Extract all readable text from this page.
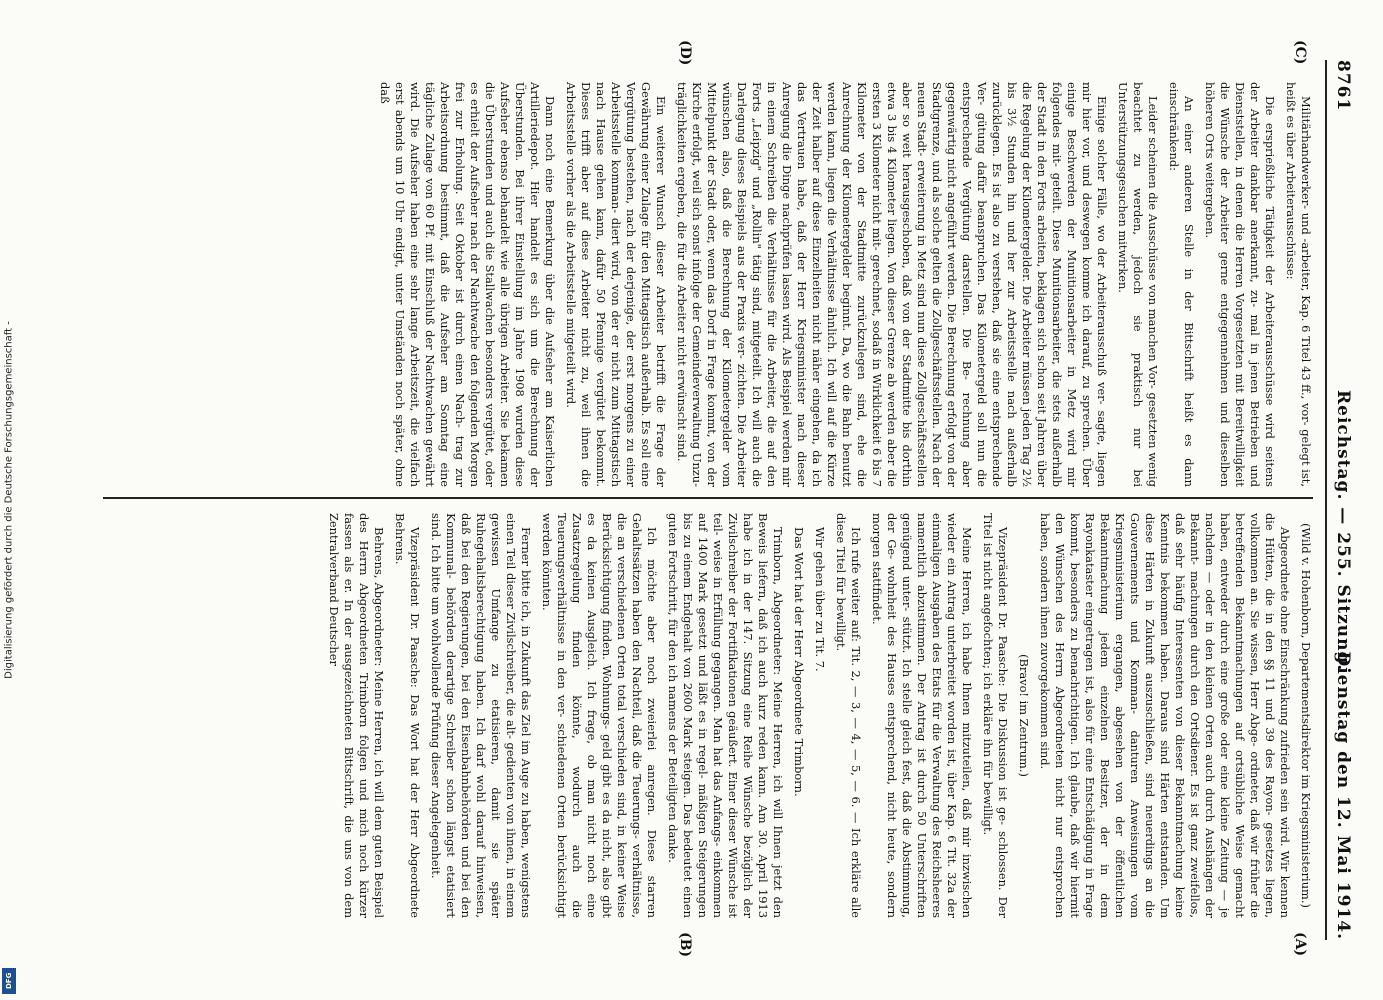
8761
Reichstag. — 255. Sitzung.
Dienstag den 12. Mai 1914.
(C)
(D)
(A)
(B)

Militärhandwerker- und -arbeiter, Kap. 6 Titel 43 ff., vor- gelegt ist, heißt es über Arbeiterausschüsse:

Die ersprießliche Tätigkeit der Arbeiterausschüsse wird seitens der Arbeiter dankbar anerkannt, zu- mal in jenen Betrieben und Dienststellen, in denen die Herren Vorgesetzten mit Bereitwilligkeit die Wünsche der Arbeiter gerne entgegennehmen und dieselben höheren Orts weitergeben.

An einer anderen Stelle in der Bittschrift heißt es dann einschränkend:

Leider scheinen die Ausschüsse von manchen Vor- gesetzten wenig beachtet zu werden, jedoch sie praktisch nur bei Unterstützungsgesuchen mitwirken.

Einige solcher Fälle, wo der Arbeiterausschuß ver- sagte, liegen mir hier vor, und deswegen komme ich darauf, zu sprechen. Über einige Beschwerden der Munitionsarbeiter in Metz wird mir folgendes mit- geteilt. Diese Munitionsarbeiter, die stets außerhalb der Stadt in den Forts arbeiten, beklagen sich schon seit Jahren über die Regelung der Kilometergelder. Die Arbeiter müssen jeden Tag 2½ bis 3½ Stunden hin und her zur Arbeitsstelle nach außerhalb zurücklegen. Es ist also zu verstehen, daß sie eine entsprechende Ver- gütung dafür beanspruchen. Das Kilometergeld soll nun die entsprechende Vergütung darstellen. Die Be- rechnung aber gegenwärtig nicht angeführt werden. Die Berechnung erfolgt von der Stadtgrenze, und als solche gelten die Zollgeschäftsstellen. Nach der neuen Stadt- erweiterung in Metz sind nun diese Zollgeschäftsstellen aber so weit herausgeschoben, daß von der Stadtmitte bis dorthin etwa 3 bis 4 Kilometer liegen. Von dieser Grenze ab werden aber die ersten 3 Kilometer nicht mit- gerechnet, sodaß in Wirklichkeit 6 bis 7 Kilometer von der Stadtmitte zurückzulegen sind, ehe die Anrechnung der Kilometergelder beginnt. Da, wo die Bahn benutzt werden kann, liegen die Verhältnisse ähnlich. Ich will auf die Kürze der Zeit halber auf diese Einzelheiten nicht näher eingehen, da ich das Vertrauen habe, daß der Herr Kriegsminister nach dieser Anregung die Dinge nachprüfen lassen wird. Als Beispiel werden mir in einem Schreiben die Verhältnisse für die Arbeiter, die auf den Forts „Leipzig" und „Rollin" tätig sind, mitgeteilt. Ich will auch die Darlegung dieses Beispiels aus der Praxis ver- zichten. Die Arbeiter wünschen also, daß die Berechnung der Kilometergelder vom Mittelpunkt der Stadt oder, wenn das Dorf in Frage kommt, von der Kirche erfolgt, weil sich sonst infolge der Gemeindeverwaltung Unzu- träglichkeiten ergeben, die für die Arbeiter nicht erwünscht sind.

Ein weiterer Wunsch dieser Arbeiter betrifft die Frage der Gewährung einer Zulage für den Mittagstisch außerhalb. Es soll eine Vergütung bestehen, nach der derjenige, der erst morgens zu einer Arbeitsstelle komman- diert wird, von der er nicht zum Mittagstisch nach Hause gehen kann, dafür 50 Pfennige vergütet bekommt. Dieses trifft aber auf diese Arbeiter nicht zu, weil ihnen die Arbeitsstelle vorher als die Arbeitsstelle mitgeteilt wird.

Dann noch eine Bemerkung über die Aufseher am Kaiserlichen Artilleriedepot. Hier handelt es sich um die Berechnung der Überstunden. Bei ihrer Einstellung im Jahre 1908 wurden diese Aufseher ebenso behandelt wie alle übrigen Arbeiter. Sie bekamen die Überstunden und auch die Stallwachen besonders vergütet, oder es erhielt der Aufseher nach der Nachtwache den folgenden Morgen frei zur Erholung. Seit Oktober ist durch einen Nach- trag zur Arbeitsordnung bestimmt, daß die Aufseher am Sonntag eine tägliche Zulage von 60 Pf. mit Einschluß der Nachtwachen gewährt wird. Die Aufseher haben eine sehr lange Arbeitszeit, die vielfach erst abends um 10 Uhr endigt, unter Umständen noch später, ohne daß

(Wild v. Hohenborn, Departementsdirektor im Kriegsministerium.)

Abgeordnete ohne Einschränkung zufrieden sein wird. Wir kennen die Hütten, die in den §§ 11 und 39 des Rayon- gesetzes liegen, vollkommen an. Sie wissen, Herr Abge- ordneter, daß wir früher die betreffenden Bekanntmachungen auf ortsübliche Weise gemacht haben, entweder durch eine große oder eine kleine Zeitung — je nachdem — oder in den kleinen Orten auch durch Aushängen der Bekannt- machungen durch den Ortsdiener. Es ist ganz zweifellos, daß sehr häufig Interessenten von dieser Bekanntmachung keine Kenntnis bekommen haben. Daraus sind Härten entstanden. Um diese Härten in Zukunft auszuschließen, sind neuerdings an die Gouvernements und Komman- danturen Anweisungen vom Kriegsministerium ergangen, abgesehen von der öffentlichen Bekanntmachung jedem einzelnen Besitzer, der in dem Rayonkataster eingetragen ist, also für eine Entschädigung in Frage kommt, besonders zu benachrichtigen. Ich glaube, daß wir hiermit den Wünschen des Herrn Abgeordneten nicht nur entsprochen haben, sondern ihnen zuvorgekommen sind.

(Bravo! im Zentrum.)

Vizepräsident Dr. Paasche: Die Diskussion ist ge- schlossen. Der Titel ist nicht angefochten; ich erkläre ihn für bewilligt.

Meine Herren, ich habe Ihnen mitzuteilen, daß mir inzwischen wieder ein Antrag unterbreitet worden ist, über Kap. 6 Tit. 32a der einmaligen Ausgaben des Etats für die Verwaltung des Reichsheeres namentlich abzustimmen. Der Antrag ist durch 50 Unterschriften genügend unter- stützt. Ich stelle gleich fest, daß die Abstimmung, der Ge- wohnheit des Hauses entsprechend, nicht heute, sondern morgen stattfindet.

Ich rufe weiter auf: Tit. 2, — 3, — 4, — 5, — 6. — Ich erkläre alle diese Titel für bewilligt.

Wir gehen über zu Tit. 7.

Das Wort hat der Herr Abgeordnete Trimborn.

Trimborn, Abgeordneter: Meine Herren, ich will Ihnen jetzt den Beweis liefern, daß ich auch kurz reden kann. Am 30. April 1913 habe ich in der 147. Sitzung eine Reihe Wünsche bezüglich der Zivilschreiber der Fortifikationen geäußert. Einer dieser Wünsche ist teil- weise in Erfüllung gegangen. Man hat das Anfangs- einkommen auf 1400 Mark gesetzt und läßt es in regel- mäßigen Steigerungen bis zu einem Endgehalt von 2600 Mark steigen. Das bedeutet einen guten Fortschritt, für den ich namens der Beteiligten danke.

Ich möchte aber noch zweierlei anregen. Diese starren Gehaltssätzen haben den Nachteil, daß die Teuerungs- verhältnisse, die an verschiedenen Orten total verschieden sind, in keiner Weise Berücksichtigung finden. Wohnungs- geld gibt es da nicht, also gibt es da keinen Ausgleich. Ich frage, ob man nicht noch eine Zusatzregelung finden könnte, wodurch auch die Teuerungsverhältnisse in den ver- schiedenen Orten berücksichtigt werden könnten.

Ferner bitte ich, in Zukunft das Ziel im Auge zu haben, wenigstens einen Teil dieser Zivilschreiber, die alt- gedienten von ihnen, in einem gewissen Umfange zu etatisieren, damit sie später Ruhegehaltsberechtigung haben. Ich darf wohl darauf hinweisen, daß bei den Regierungen, bei den Eisenbahnbehörden und bei den Kommunal- behörden derartige Schreiber schon längst etatisiert sind. Ich bitte um wohlwollende Prüfung dieser Angelegenheit.

Vizepräsident Dr. Paasche: Das Wort hat der Herr Abgeordnete Behrens.

Behrens, Abgeordneter: Meine Herren, ich will dem guten Beispiel des Herrn Abgeordneten Trimborn folgen und mich noch kürzer fassen als er. In der ausgezeichneten Bittschrift, die uns von dem Zentralverband Deutscher

Digitalisierung gefördert durch die Deutsche Forschungsgemeinschaft -
DFG
